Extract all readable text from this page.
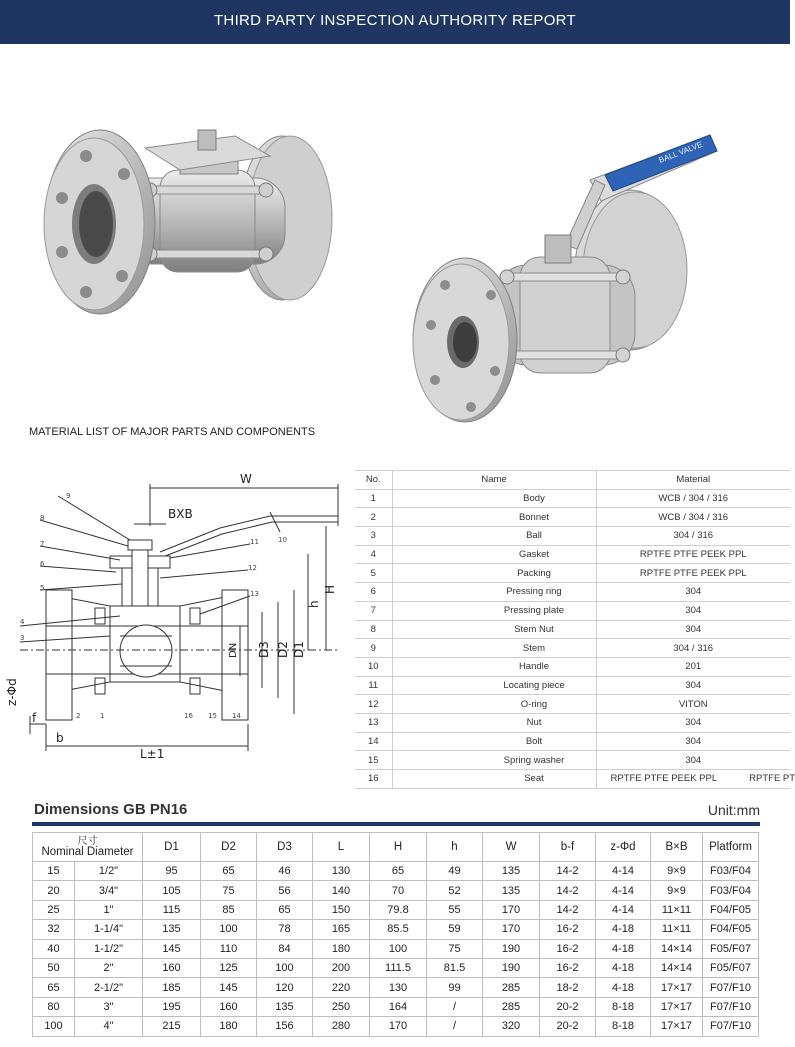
THIRD PARTY INSPECTION AUTHORITY REPORT
BALL VALVE
MATERIAL LIST OF MAJOR PARTS AND COMPONENTS
W
BXB
H
h
DN D3 D2 D1
z-Φd
f
b
L±1
9
8
7
6
5
4
3
2	1	16 15 14
13
12
11	10
No.	Name	Material
1	Body	WCB / 304 / 316
2	Bonnet	WCB / 304 / 316
3	Ball	304 / 316
4	Gasket	RPTFE PTFE PEEK PPL
5	Packing	RPTFE PTFE PEEK PPL
6	Pressing ring	304
7	Pressing plate	304
8	Stem Nut	304
9	Stem	304 / 316
10	Handle	201
11	Locating piece	304
12	O-ring	VITON
13	Nut	304
14	Bolt	304
15	Spring washer	304
16	Seat	RPTFE PTFE PEEK PPL RPTFE PT
Dimensions GB PN16	Unit:mm
尺寸
Nominal Diameter		D1	D2	D3	L	H	h	W	b-f	z-Φd	B×B	Platform
15	1/2"	95	65	46	130	65	49	135	14-2	4-14	9×9	F03/F04
20	3/4"	105	75	56	140	70	52	135	14-2	4-14	9×9	F03/F04
25	1"	115	85	65	150	79.8	55	170	14-2	4-14	11×11	F04/F05
32	1-1/4"	135	100	78	165	85.5	59	170	16-2	4-18	11×11	F04/F05
40	1-1/2"	145	110	84	180	100	75	190	16-2	4-18	14×14	F05/F07
50	2"	160	125	100	200	111.5	81.5	190	16-2	4-18	14×14	F05/F07
65	2-1/2"	185	145	120	220	130	99	285	18-2	4-18	17×17	F07/F10
80	3"	195	160	135	250	164	/	285	20-2	8-18	17×17	F07/F10
100	4"	215	180	156	280	170	/	320	20-2	8-18	17×17	F07/F10
